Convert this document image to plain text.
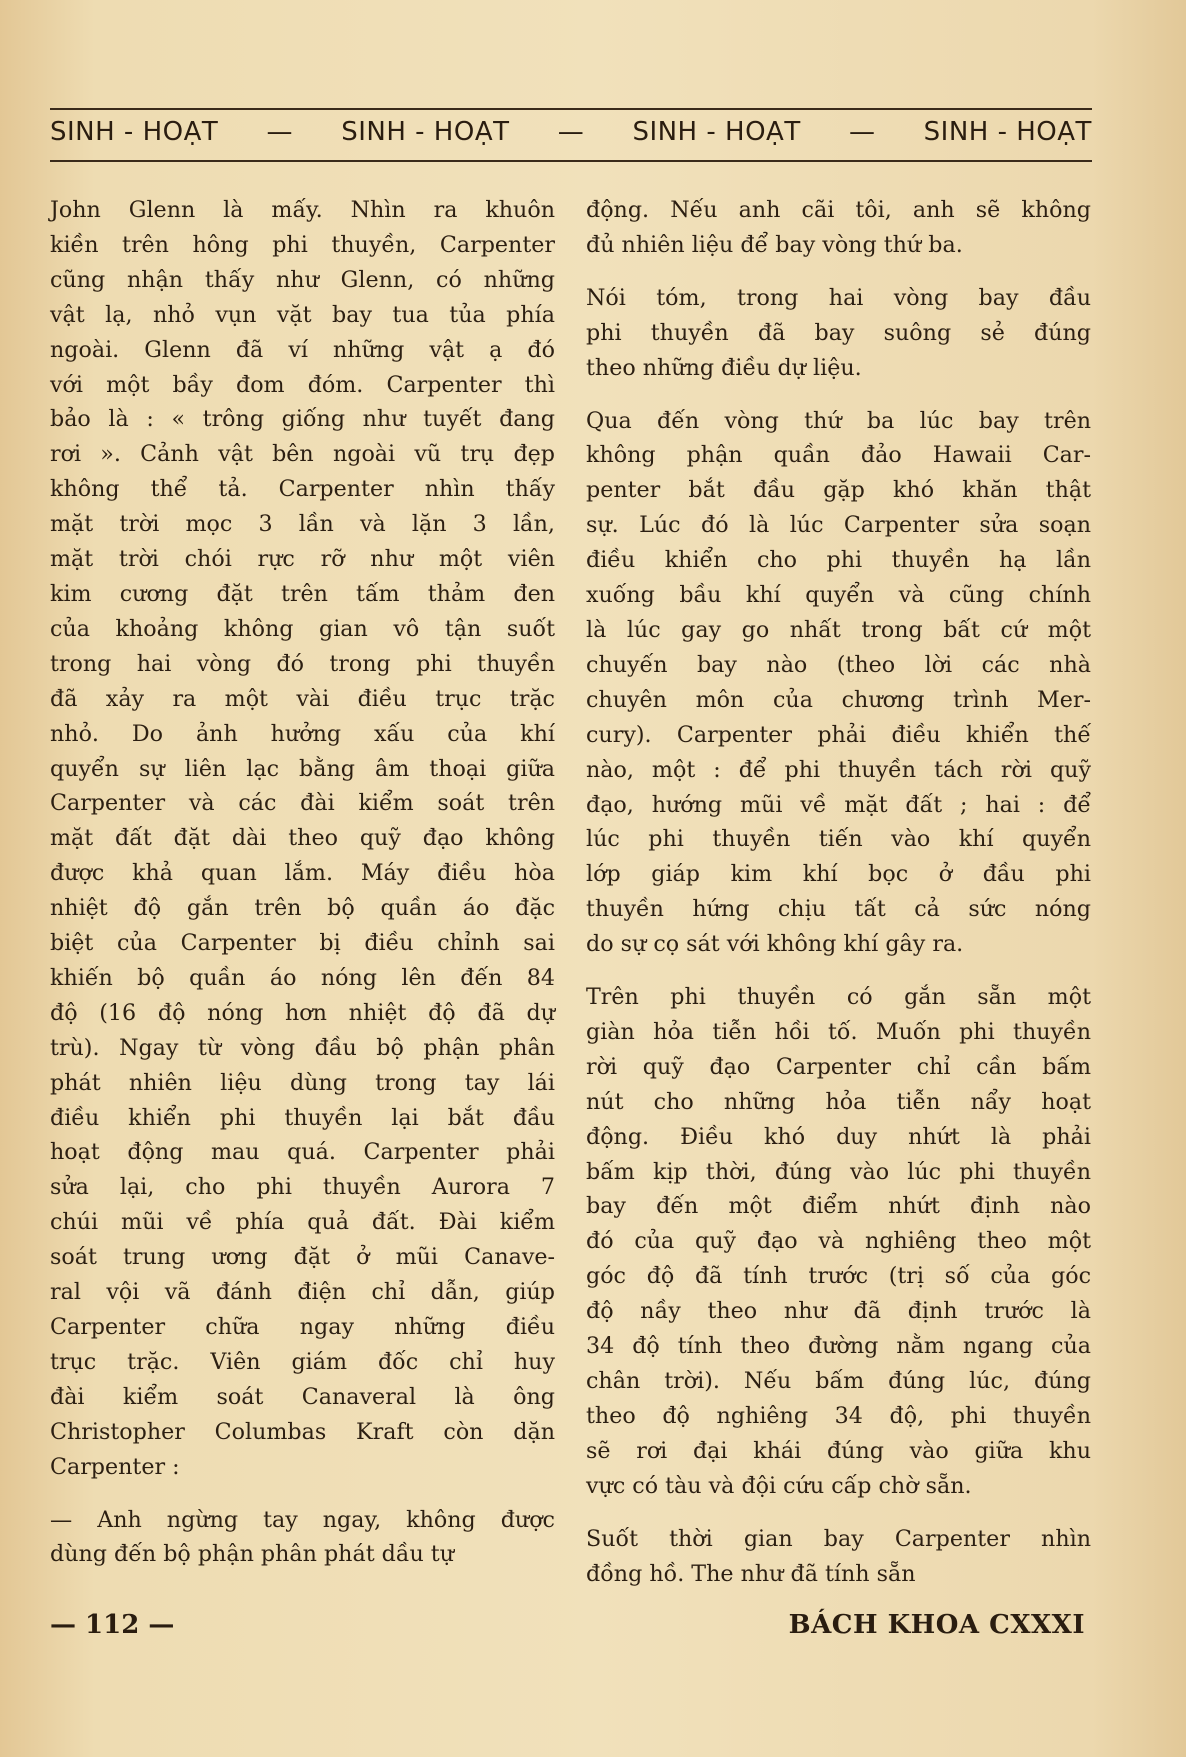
SINH - HOẠT — SINH - HOẠT — SINH - HOẠT — SINH - HOẠT

John Glenn là mấy. Nhìn ra khuôn

kiền trên hông phi thuyền, Carpenter

cũng nhận thấy như Glenn, có những

vật lạ, nhỏ vụn vặt bay tua tủa phía

ngoài. Glenn đã ví những vật ạ đó

với một bầy đom đóm. Carpenter thì

bảo là : « trông giống như tuyết đang

rơi ». Cảnh vật bên ngoài vũ trụ đẹp

không thể tả. Carpenter nhìn thấy

mặt trời mọc 3 lần và lặn 3 lần,

mặt trời chói rực rỡ như một viên

kim cương đặt trên tấm thảm đen

của khoảng không gian vô tận suốt

trong hai vòng đó trong phi thuyền

đã xảy ra một vài điều trục trặc

nhỏ. Do ảnh hưởng xấu của khí

quyển sự liên lạc bằng âm thoại giữa

Carpenter và các đài kiểm soát trên

mặt đất đặt dài theo quỹ đạo không

được khả quan lắm. Máy điều hòa

nhiệt độ gắn trên bộ quần áo đặc

biệt của Carpenter bị điều chỉnh sai

khiến bộ quần áo nóng lên đến 84

độ (16 độ nóng hơn nhiệt độ đã dự

trù). Ngay từ vòng đầu bộ phận phân

phát nhiên liệu dùng trong tay lái

điều khiển phi thuyền lại bắt đầu

hoạt động mau quá. Carpenter phải

sửa lại, cho phi thuyền Aurora 7

chúi mũi về phía quả đất. Đài kiểm

soát trung ương đặt ở mũi Canave-

ral vội vã đánh điện chỉ dẫn, giúp

Carpenter chữa ngay những điều

trục trặc. Viên giám đốc chỉ huy

đài kiểm soát Canaveral là ông

Christopher Columbas Kraft còn dặn

Carpenter :

— Anh ngừng tay ngay, không được

dùng đến bộ phận phân phát dầu tự

động. Nếu anh cãi tôi, anh sẽ không

đủ nhiên liệu để bay vòng thứ ba.

Nói tóm, trong hai vòng bay đầu

phi thuyền đã bay suông sẻ đúng

theo những điều dự liệu.

Qua đến vòng thứ ba lúc bay trên

không phận quần đảo Hawaii Car-

penter bắt đầu gặp khó khăn thật

sự. Lúc đó là lúc Carpenter sửa soạn

điều khiển cho phi thuyền hạ lần

xuống bầu khí quyển và cũng chính

là lúc gay go nhất trong bất cứ một

chuyến bay nào (theo lời các nhà

chuyên môn của chương trình Mer-

cury). Carpenter phải điều khiển thế

nào, một : để phi thuyền tách rời quỹ

đạo, hướng mũi về mặt đất ; hai : để

lúc phi thuyền tiến vào khí quyển

lớp giáp kim khí bọc ở đầu phi

thuyền hứng chịu tất cả sức nóng

do sự cọ sát với không khí gây ra.

Trên phi thuyền có gắn sẵn một

giàn hỏa tiễn hồi tố. Muốn phi thuyền

rời quỹ đạo Carpenter chỉ cần bấm

nút cho những hỏa tiễn nẩy hoạt

động. Điều khó duy nhứt là phải

bấm kịp thời, đúng vào lúc phi thuyền

bay đến một điểm nhứt định nào

đó của quỹ đạo và nghiêng theo một

góc độ đã tính trước (trị số của góc

độ nầy theo như đã định trước là

34 độ tính theo đường nằm ngang của

chân trời). Nếu bấm đúng lúc, đúng

theo độ nghiêng 34 độ, phi thuyền

sẽ rơi đại khái đúng vào giữa khu

vực có tàu và đội cứu cấp chờ sẵn.

Suốt thời gian bay Carpenter nhìn

đồng hồ. The như đã tính sẵn

— 112 —	BÁCH KHOA CXXXI
